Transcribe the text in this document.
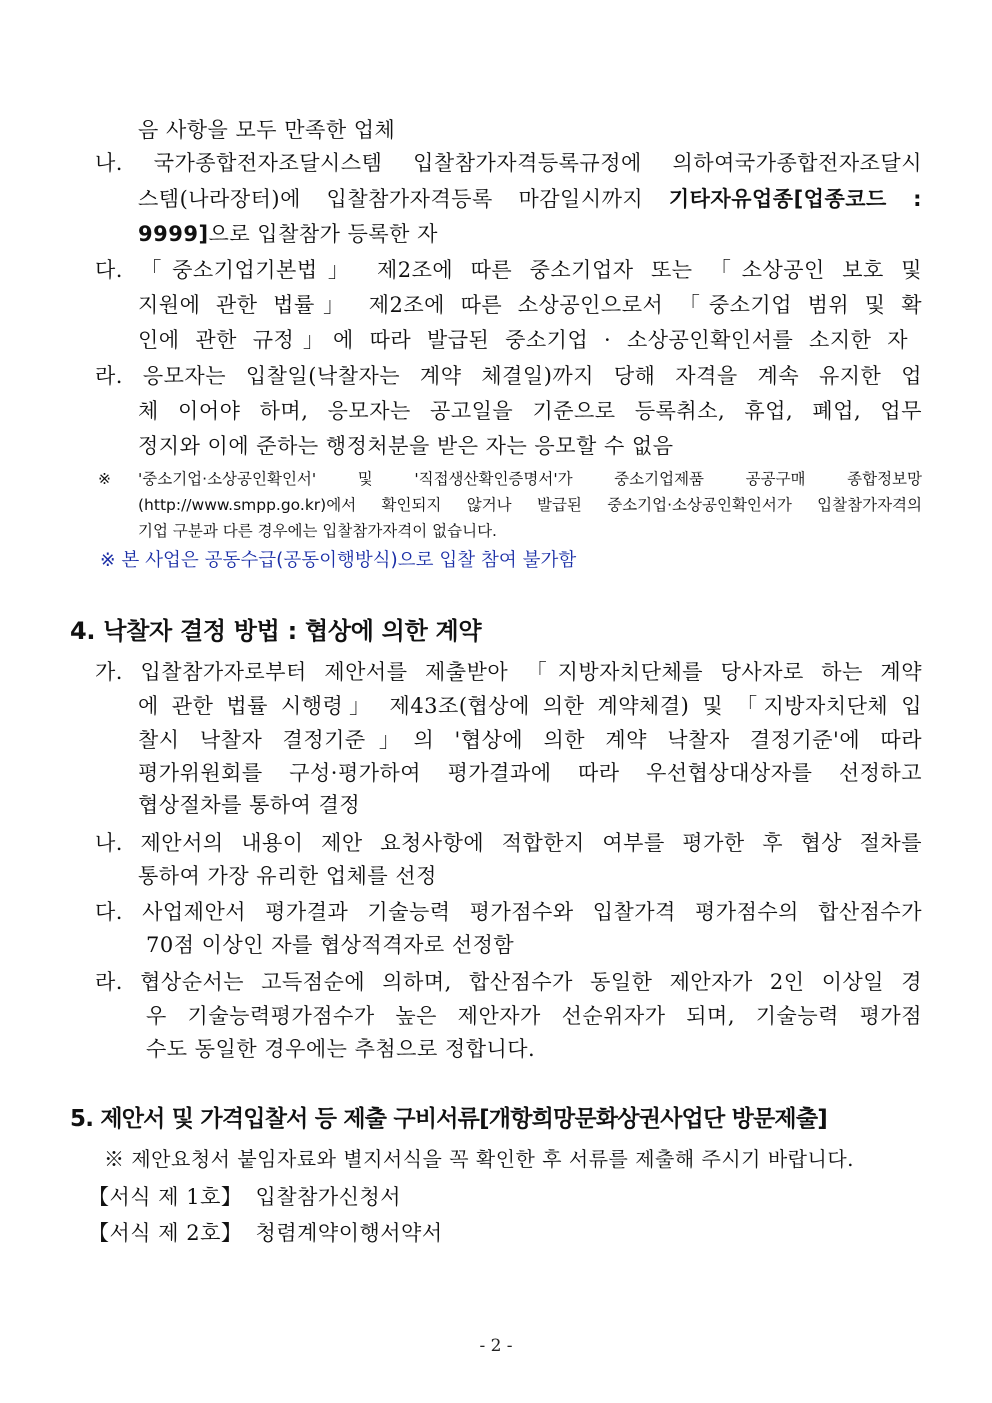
음 사항을 모두 만족한 업체
나. 국가종합전자조달시스템 입찰참가자격등록규정에 의하여국가종합전자조달시
스템(나라장터)에 입찰참가자격등록 마감일시까지 기타자유업종[업종코드 :
9999]으로 입찰참가 등록한 자
다. 「중소기업기본법」 제2조에 따른 중소기업자 또는 「소상공인 보호 및
지원에 관한 법률」 제2조에 따른 소상공인으로서 「중소기업 범위 및 확
인에 관한 규정」에 따라 발급된 중소기업 · 소상공인확인서를 소지한 자
라. 응모자는 입찰일(낙찰자는 계약 체결일)까지 당해 자격을 계속 유지한 업
체 이어야 하며, 응모자는 공고일을 기준으로 등록취소, 휴업, 폐업, 업무
정지와 이에 준하는 행정처분을 받은 자는 응모할 수 없음
※	'중소기업·소상공인확인서' 및 '직접생산확인증명서'가 중소기업제품 공공구매 종합정보망
(http://www.smpp.go.kr)에서 확인되지 않거나 발급된 중소기업·소상공인확인서가 입찰참가자격의
기업 구분과 다른 경우에는 입찰참가자격이 없습니다.
※ 본 사업은 공동수급(공동이행방식)으로 입찰 참여 불가함
4. 낙찰자 결정 방법 : 협상에 의한 계약
가. 입찰참가자로부터 제안서를 제출받아 「지방자치단체를 당사자로 하는 계약
에 관한 법률 시행령」 제43조(협상에 의한 계약체결) 및 「지방자치단체 입
찰시 낙찰자 결정기준」의 '협상에 의한 계약 낙찰자 결정기준'에 따라
평가위원회를 구성·평가하여 평가결과에 따라 우선협상대상자를 선정하고
협상절차를 통하여 결정
나. 제안서의 내용이 제안 요청사항에 적합한지 여부를 평가한 후 협상 절차를
통하여 가장 유리한 업체를 선정
다. 사업제안서 평가결과 기술능력 평가점수와 입찰가격 평가점수의 합산점수가
70점 이상인 자를 협상적격자로 선정함
라. 협상순서는 고득점순에 의하며, 합산점수가 동일한 제안자가 2인 이상일 경
우 기술능력평가점수가 높은 제안자가 선순위자가 되며, 기술능력 평가점
수도 동일한 경우에는 추첨으로 정합니다.
5. 제안서 및 가격입찰서 등 제출 구비서류[개항희망문화상권사업단 방문제출]
※ 제안요청서 붙임자료와 별지서식을 꼭 확인한 후 서류를 제출해 주시기 바랍니다.
【서식 제 1호】 입찰참가신청서
【서식 제 2호】 청렴계약이행서약서
- 2 -
